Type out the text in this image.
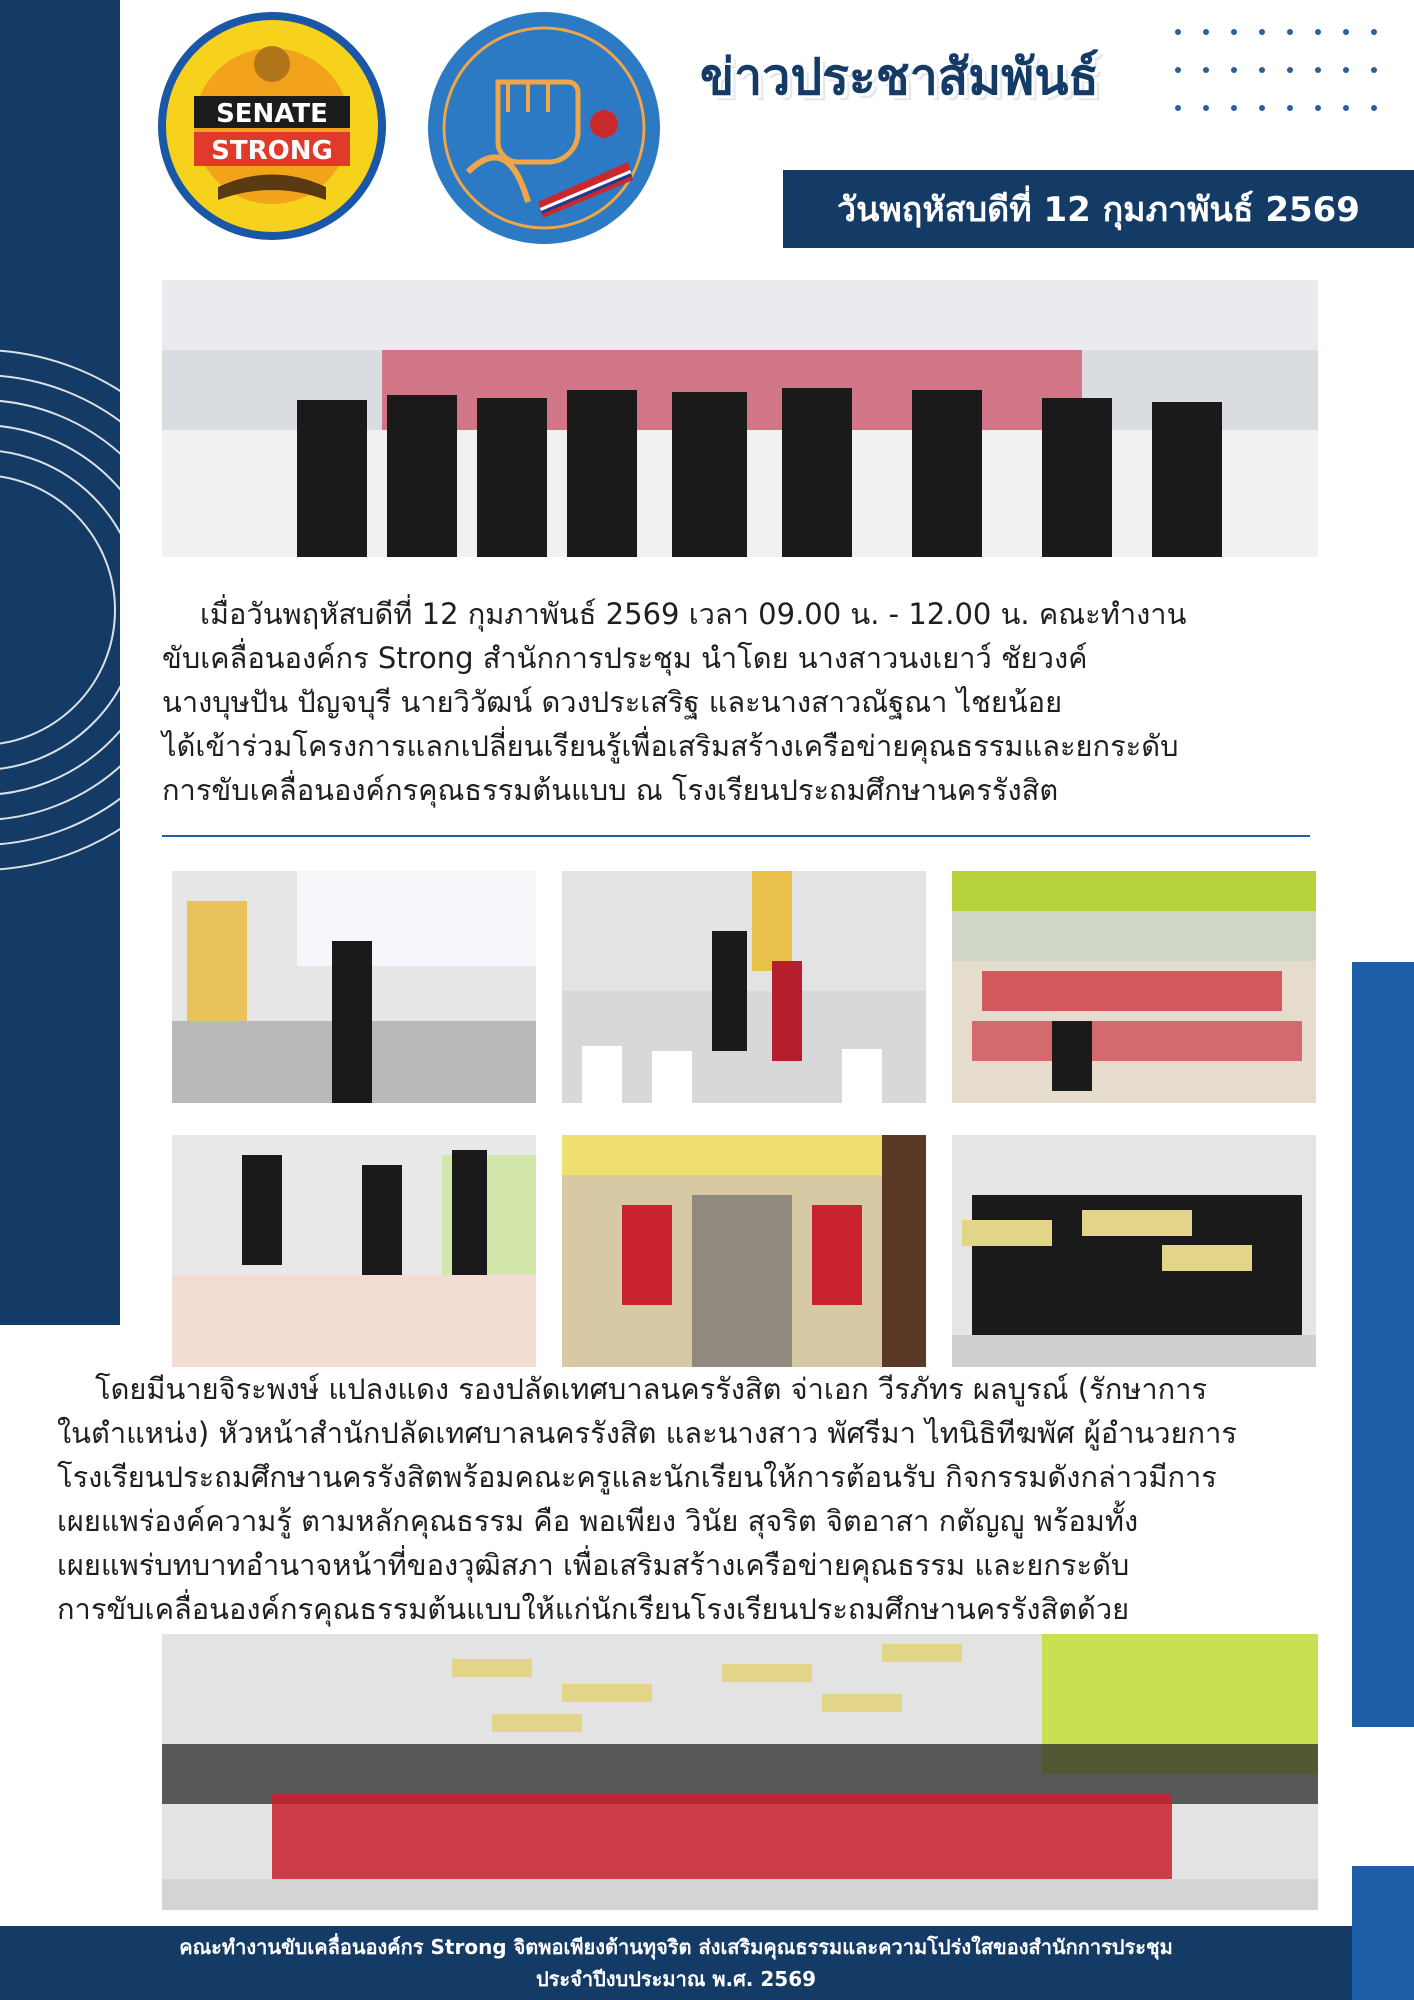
SENATE
STRONG
ข่าวประชาสัมพันธ์
วันพฤหัสบดีที่ 12 กุมภาพันธ์ 2569
เมื่อวันพฤหัสบดีที่ 12 กุมภาพันธ์ 2569 เวลา 09.00 น. - 12.00 น. คณะทำงาน
ขับเคลื่อนองค์กร Strong สำนักการประชุม นำโดย นางสาวนงเยาว์ ชัยวงค์
นางบุษปัน ปัญจบุรี นายวิวัฒน์ ดวงประเสริฐ และนางสาวณัฐณา ไชยน้อย
ได้เข้าร่วมโครงการแลกเปลี่ยนเรียนรู้เพื่อเสริมสร้างเครือข่ายคุณธรรมและยกระดับ
การขับเคลื่อนองค์กรคุณธรรมต้นแบบ ณ โรงเรียนประถมศึกษานครรังสิต
โดยมีนายจิระพงษ์ แปลงแดง รองปลัดเทศบาลนครรังสิต จ่าเอก วีรภัทร ผลบูรณ์ (รักษาการ
ในตำแหน่ง) หัวหน้าสำนักปลัดเทศบาลนครรังสิต และนางสาว พัศรีมา ไทนิธิทีฆพัศ ผู้อำนวยการ
โรงเรียนประถมศึกษานครรังสิตพร้อมคณะครูและนักเรียนให้การต้อนรับ กิจกรรมดังกล่าวมีการ
เผยแพร่องค์ความรู้ ตามหลักคุณธรรม คือ พอเพียง วินัย สุจริต จิตอาสา กตัญญู พร้อมทั้ง
เผยแพร่บทบาทอำนาจหน้าที่ของวุฒิสภา เพื่อเสริมสร้างเครือข่ายคุณธรรม และยกระดับ
การขับเคลื่อนองค์กรคุณธรรมต้นแบบให้แก่นักเรียนโรงเรียนประถมศึกษานครรังสิตด้วย
คณะทำงานขับเคลื่อนองค์กร Strong จิตพอเพียงต้านทุจริต ส่งเสริมคุณธรรมและความโปร่งใสของสำนักการประชุม
ประจำปีงบประมาณ พ.ศ. 2569
